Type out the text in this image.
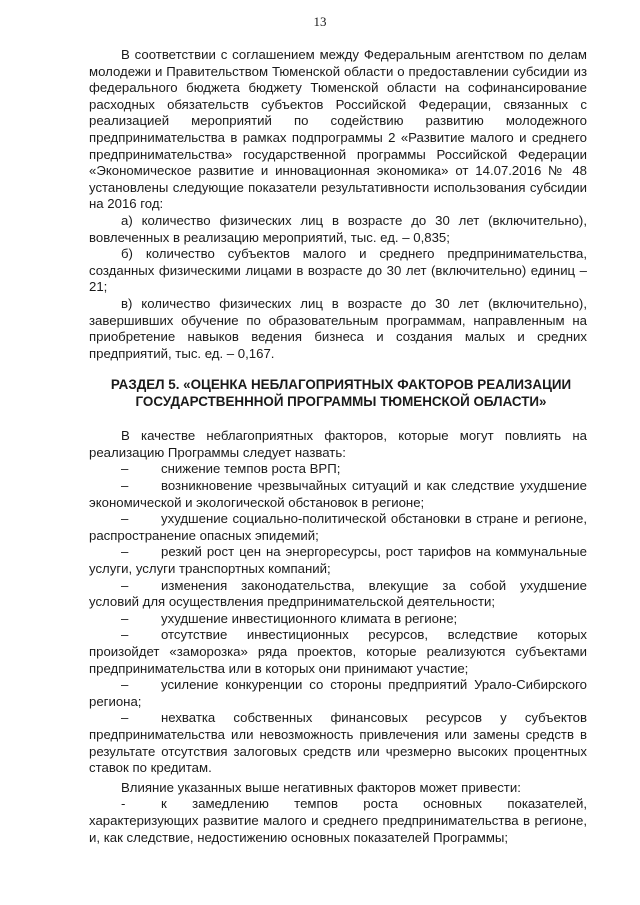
13

В соответствии с соглашением между Федеральным агентством по делам молодежи и Правительством Тюменской области о предоставлении субсидии из федерального бюджета бюджету Тюменской области на софинансирование расходных обязательств субъектов Российской Федерации, связанных с реализацией мероприятий по содействию развитию молодежного предпринимательства в рамках подпрограммы 2 «Развитие малого и среднего предпринимательства» государственной программы Российской Федерации «Экономическое развитие и инновационная экономика» от 14.07.2016 № 48 установлены следующие показатели результативности использования субсидии на 2016 год:

а) количество физических лиц в возрасте до 30 лет (включительно), вовлеченных в реализацию мероприятий, тыс. ед. – 0,835;

б) количество субъектов малого и среднего предпринимательства, созданных физическими лицами в возрасте до 30 лет (включительно) единиц – 21;

в) количество физических лиц в возрасте до 30 лет (включительно), завершивших обучение по образовательным программам, направленным на приобретение навыков ведения бизнеса и создания малых и средних предприятий, тыс. ед. – 0,167.

РАЗДЕЛ 5. «ОЦЕНКА НЕБЛАГОПРИЯТНЫХ ФАКТОРОВ РЕАЛИЗАЦИИ
ГОСУДАРСТВЕНННОЙ ПРОГРАММЫ ТЮМЕНСКОЙ ОБЛАСТИ»

В качестве неблагоприятных факторов, которые могут повлиять на реализацию Программы следует назвать:

– снижение темпов роста ВРП;

– возникновение чрезвычайных ситуаций и как следствие ухудшение экономической и экологической обстановок в регионе;

– ухудшение социально-политической обстановки в стране и регионе, распространение опасных эпидемий;

– резкий рост цен на энергоресурсы, рост тарифов на коммунальные услуги, услуги транспортных компаний;

– изменения законодательства, влекущие за собой ухудшение условий для осуществления предпринимательской деятельности;

– ухудшение инвестиционного климата в регионе;

– отсутствие инвестиционных ресурсов, вследствие которых произойдет «заморозка» ряда проектов, которые реализуются субъектами предпринимательства или в которых они принимают участие;

– усиление конкуренции со стороны предприятий Урало-Сибирского региона;

– нехватка собственных финансовых ресурсов у субъектов предпринимательства или невозможность привлечения или замены средств в результате отсутствия залоговых средств или чрезмерно высоких процентных ставок по кредитам.

Влияние указанных выше негативных факторов может привести:

-	к замедлению темпов роста основных показателей, характеризующих развитие малого и среднего предпринимательства в регионе, и, как следствие, недостижению основных показателей Программы;
